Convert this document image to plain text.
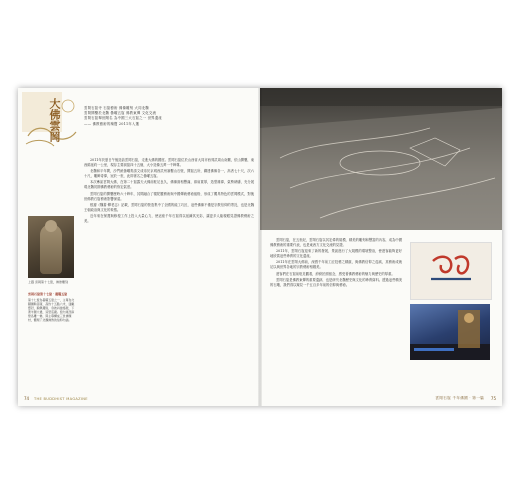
大佛雲岡	雲岡石窟寺 石窟藝術 佛像雕刻 大同北魏

雲岡開鑿於北魏 曇曜五窟 佛教東傳 文化交流

雲岡石窟舉世聞名 為中國三大石窟之一 世界遺產

—— 佛教藝術的瑰寶 2011年入選

2011年於夏日午後造訪雲岡石窟，走進大佛的國度。雲岡石窟位於山西省大同市西郊武周山南麓，依山開鑿，東西綿延約一公里，現存主要洞窟四十五個，大小造像五萬一千餘尊。

北魏和平年間，沙門統曇曜奏請文成帝於京城西武州塞鑿山石壁，開窟五所，鐫建佛像各一，高者七十尺，次六十尺，雕飾奇偉，冠於一世，此即著名之曇曜五窟。

本次參訪雲岡大佛，在第二十窟露天大佛前駐足良久，佛像面相豐滿，兩肩寬厚，造型雄偉，氣勢磅礴，充分展現北魏初期佛教藝術的恢宏氣度。

雲岡石窟的開鑿歷時六十餘年，其間融合了犍陀羅藝術與中國傳統藝術風格，形成了獨具特色的雲岡模式，對後世佛教石窟藝術影響深遠。

根據《魏書·釋老志》記載，雲岡石窟的營造集中了全國的能工巧匠，這些佛像不僅是宗教信仰的寄託，也是北魏王朝政治與文化的象徵。

近年來在保護與修復工作上投入大量心力，使這座千年石窟得以延續其光彩，讓更多人能親眼見證佛教藝術之美。

上圖 雲岡第十七窟，佛像雕刻
雲岡石窟第十七窟 · 曇曜五窟
第十七窟為曇曜五窟之一，主尊為交腳彌勒菩薩，高約十五點六米，頭戴寶冠，胸佩瓔珞，身披斜掛絡腋，下著羊腸大裙，造型莊嚴。窟內東西兩壁各雕一佛，與主尊構成三世佛題材，體現了北魏佛教的信仰內涵。
74 THE BUDDHIST MAGAZINE

雲岡石窟，在五世紀，雲岡石窟以其宏偉的規模、精美的雕刻和豐富的內容，成為中國佛教藝術的重要代表，也是東西方文化交流的見證。

2011年，雲岡石窟迎來了新的發展，景區進行了大規模的環境整治，使遊客能夠更好地欣賞這些珍貴的文化遺產。

2011年在雲岡大佛前，深感千年前工匠技藝之精湛，與佛教信仰之虔誠，其藝術成就足以與世界各地的宗教藝術相媲美。

遊客們在石窟前駐足觀看，紛紛拍照留念，感受著佛教藝術的魅力與歷史的厚重。

雲岡石窟是佛教東傳的重要遺跡，也是研究北魏歷史與文化的珍貴資料。透過這些精美的石雕，我們得以窺見一千五百多年前的信仰與藝術。

雲岡石窟 千年佛國 · 第一篇 75
